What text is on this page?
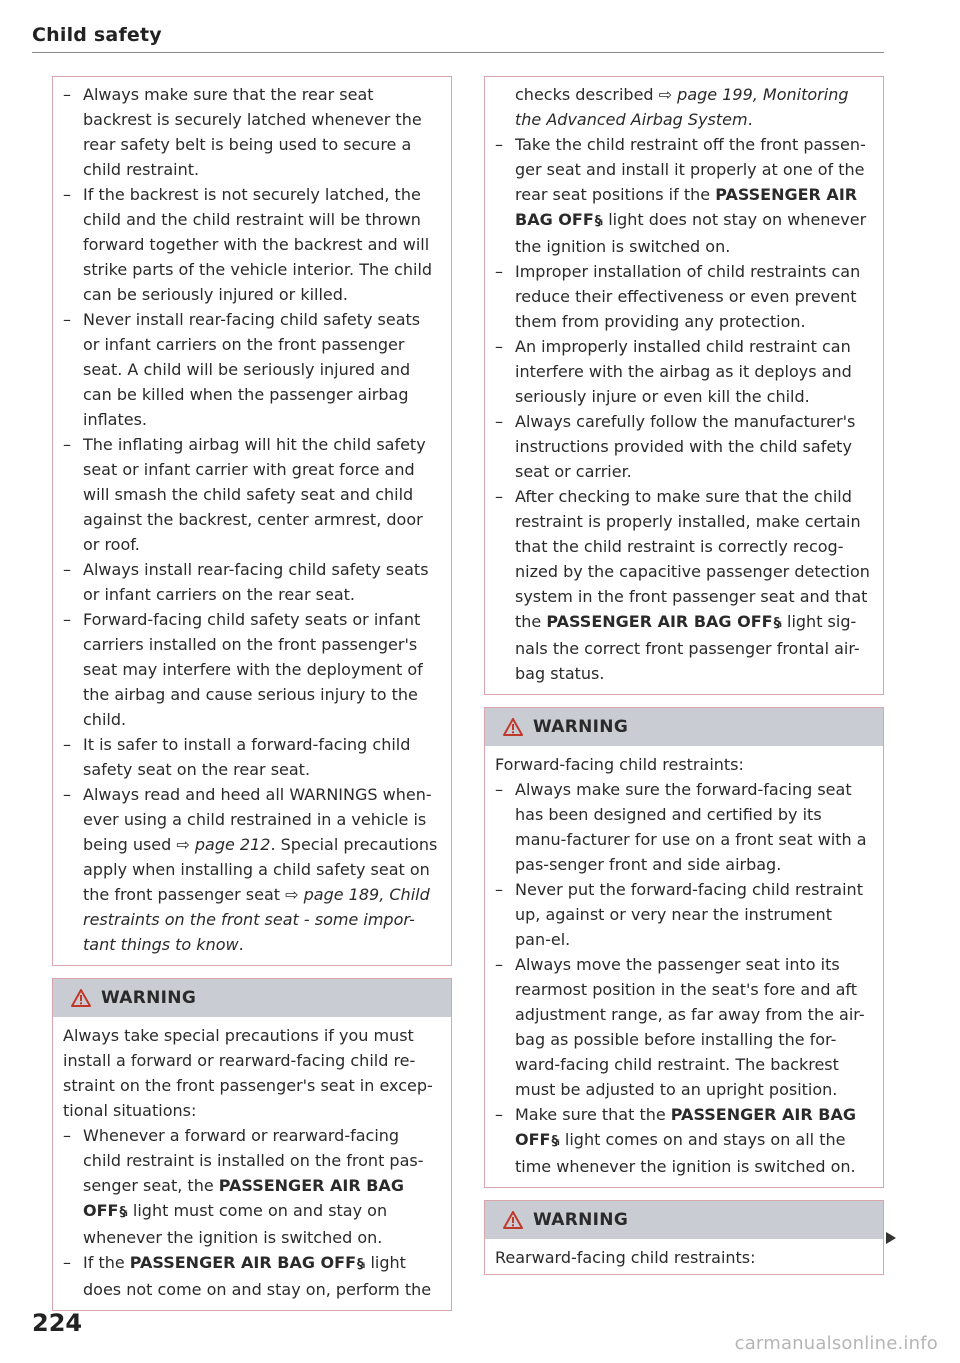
Child safety

– Always make sure that the rear seat backrest is securely latched whenever the rear safety belt is being used to secure a child restraint.

– If the backrest is not securely latched, the child and the child restraint will be thrown forward together with the backrest and will strike parts of the vehicle interior. The child can be seriously injured or killed.

– Never install rear-facing child safety seats or infant carriers on the front passenger seat. A child will be seriously injured and can be killed when the passenger airbag inflates.

– The inflating airbag will hit the child safety seat or infant carrier with great force and will smash the child safety seat and child against the backrest, center armrest, door or roof.

– Always install rear-facing child safety seats or infant carriers on the rear seat.

– Forward-facing child safety seats or infant carriers installed on the front passenger's seat may interfere with the deployment of the airbag and cause serious injury to the child.

– It is safer to install a forward-facing child safety seat on the rear seat.

– Always read and heed all WARNINGS when-ever using a child restrained in a vehicle is being used ⇨ page 212. Special precautions apply when installing a child safety seat on the front passenger seat ⇨ page 189, Child restraints on the front seat - some impor-tant things to know.

WARNING

Always take special precautions if you must install a forward or rearward-facing child re-straint on the front passenger's seat in excep-tional situations:

– Whenever a forward or rearward-facing child restraint is installed on the front pas-senger seat, the PASSENGER AIR BAG OFF§ᵢ light must come on and stay on whenever the ignition is switched on.

– If the PASSENGER AIR BAG OFF§ᵢ light does not come on and stay on, perform the

checks described ⇨ page 199, Monitoring the Advanced Airbag System.

– Take the child restraint off the front passen-ger seat and install it properly at one of the rear seat positions if the PASSENGER AIR BAG OFF§ᵢ light does not stay on whenever the ignition is switched on.

– Improper installation of child restraints can reduce their effectiveness or even prevent them from providing any protection.

– An improperly installed child restraint can interfere with the airbag as it deploys and seriously injure or even kill the child.

– Always carefully follow the manufacturer's instructions provided with the child safety seat or carrier.

– After checking to make sure that the child restraint is properly installed, make certain that the child restraint is correctly recog-nized by the capacitive passenger detection system in the front passenger seat and that the PASSENGER AIR BAG OFF§ᵢ light sig-nals the correct front passenger frontal air-bag status.

WARNING

Forward-facing child restraints:

– Always make sure the forward-facing seat has been designed and certified by its manu-facturer for use on a front seat with a pas-senger front and side airbag.

– Never put the forward-facing child restraint up, against or very near the instrument pan-el.

– Always move the passenger seat into its rearmost position in the seat's fore and aft adjustment range, as far away from the air-bag as possible before installing the for-ward-facing child restraint. The backrest must be adjusted to an upright position.

– Make sure that the PASSENGER AIR BAG OFF§ᵢ light comes on and stays on all the time whenever the ignition is switched on.

WARNING

Rearward-facing child restraints:

224
carmanualsonline.info
